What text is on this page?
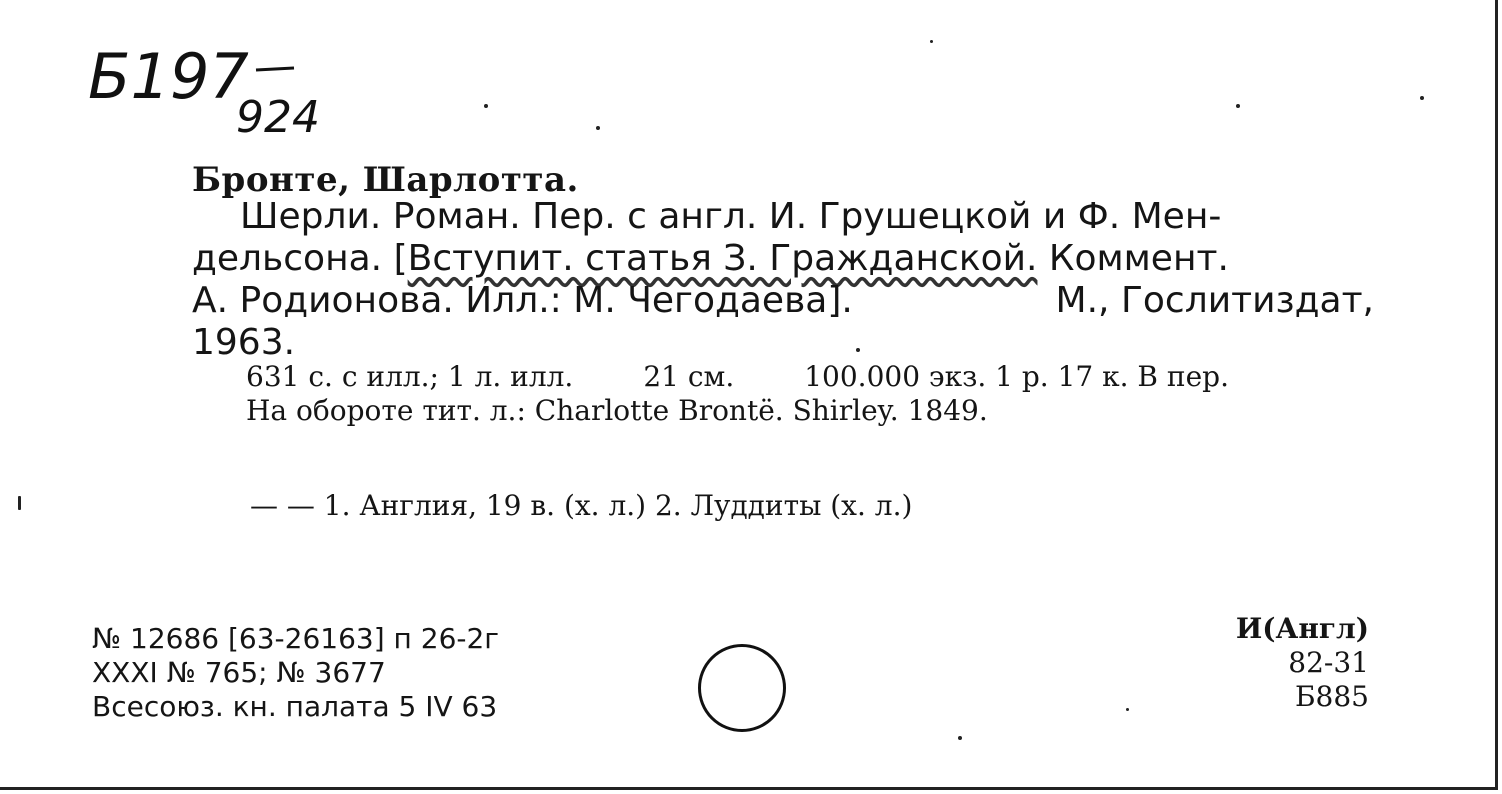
Б197
924
Бронте, Шарлотта.
Шерли. Роман. Пер. с англ. И. Грушецкой и Ф. Мен-
дельсона. [Вступит. статья З. Гражданской. Коммент.
А. Родионова. Илл.: М. Чегодаева].	М., Гослитиздат,
1963.
631 с. с илл.; 1 л. илл.	21 см.	100.000 экз. 1 р. 17 к. В пер.
На обороте тит. л.: Charlotte Brontë. Shirley. 1849.
— — 1. Англия, 19 в. (х. л.) 2. Луддиты (х. л.)
№ 12686 [63-26163] п 26-2г
XXXI № 765; № 3677
Всесоюз. кн. палата 5 IV 63
И(Англ)
82-31
Б885
